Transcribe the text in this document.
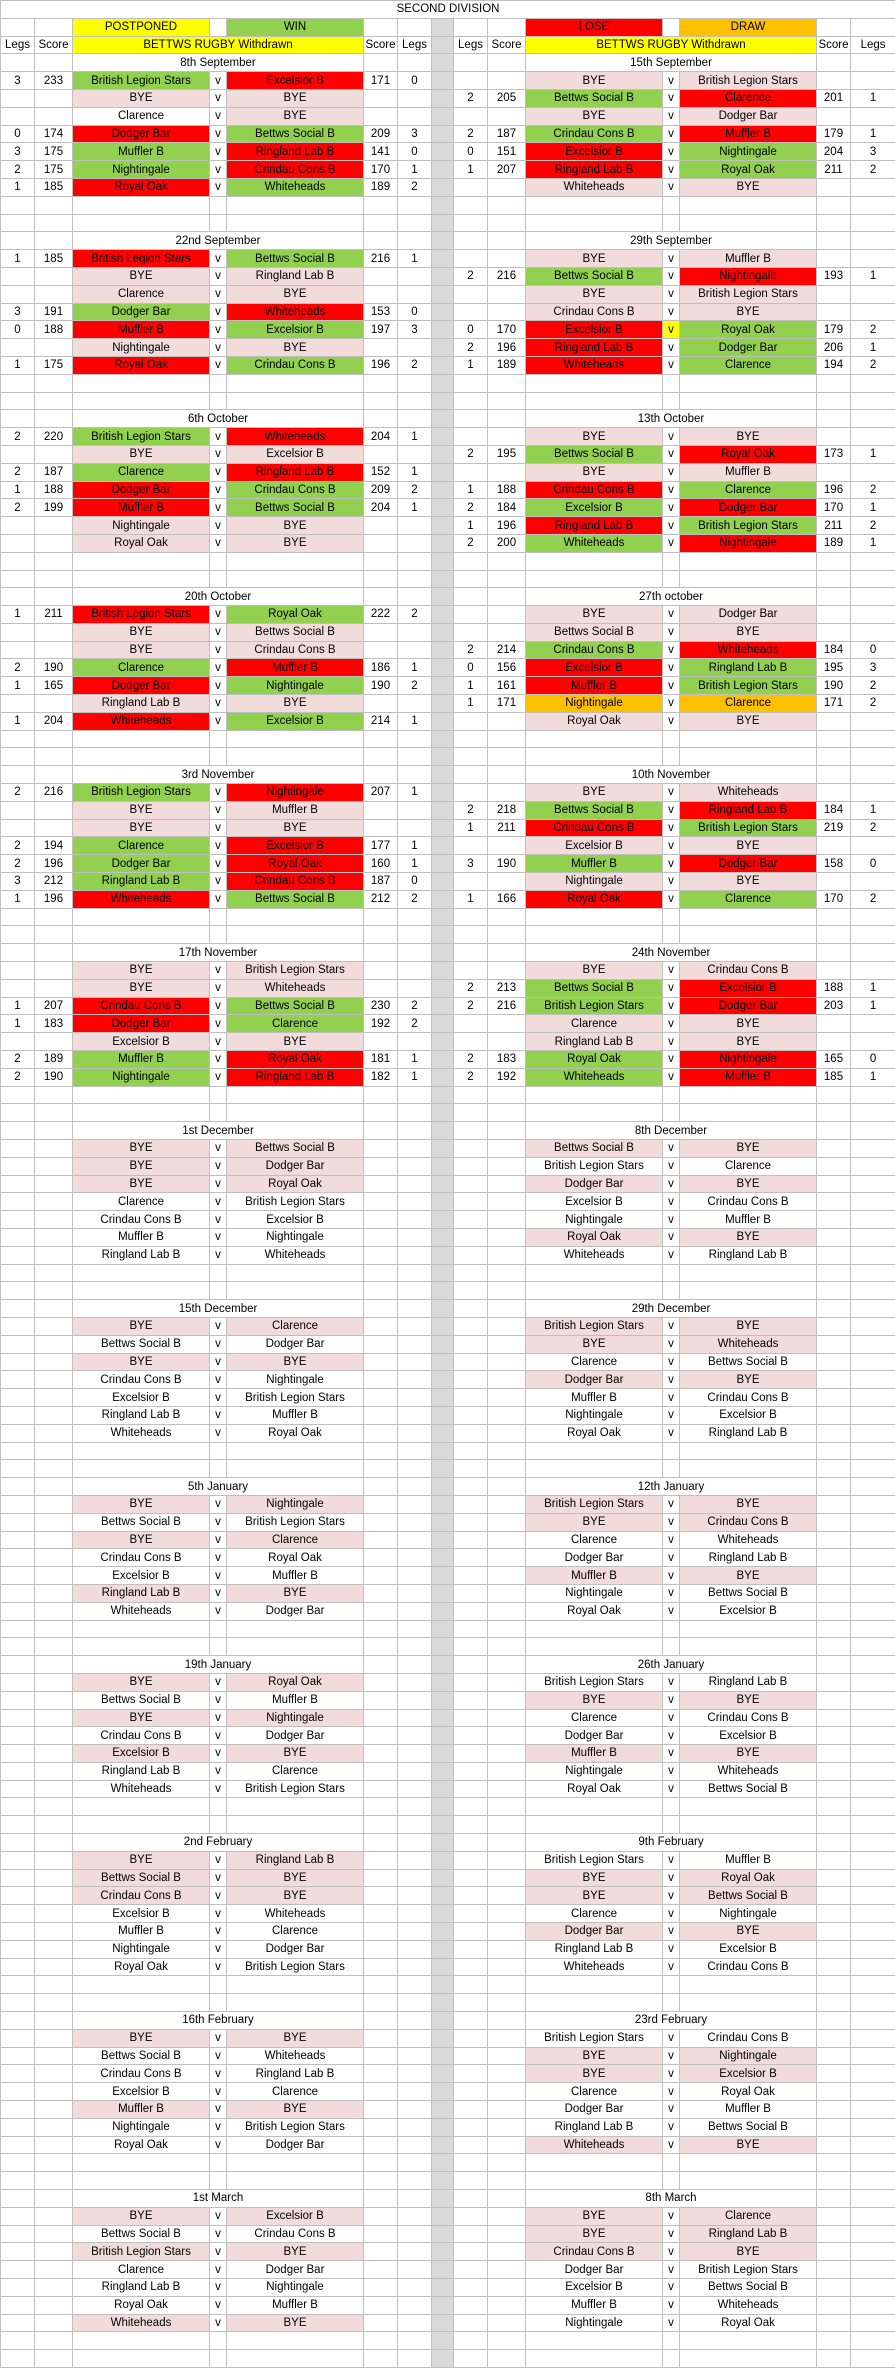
SECOND DIVISION														
		POSTPONED		WIN						LOSE		DRAW		
Legs	Score	BETTWS RUGBY Withdrawn			Score	Legs		Legs	Score	BETTWS RUGBY Withdrawn			Score	Legs
		8th September								15th September				
3	233	British Legion Stars	v	Excelsior B	171	0				BYE	v	British Legion Stars		
		BYE	v	BYE				2	205	Bettws Social B	v	Clarence	201	1
		Clarence	v	BYE						BYE	v	Dodger Bar		
0	174	Dodger Bar	v	Bettws Social B	209	3		2	187	Crindau Cons B	v	Muffler B	179	1
3	175	Muffler B	v	Ringland Lab B	141	0		0	151	Excelsior B	v	Nightingale	204	3
2	175	Nightingale	v	Crindau Cons B	170	1		1	207	Ringland Lab B	v	Royal Oak	211	2
1	185	Royal Oak	v	Whiteheads	189	2				Whiteheads	v	BYE		

		22nd September								29th September				
1	185	British Legion Stars	v	Bettws Social B	216	1				BYE	v	Muffler B		
		BYE	v	Ringland Lab B				2	216	Bettws Social B	v	Nightingale	193	1
		Clarence	v	BYE						BYE	v	British Legion Stars		
3	191	Dodger Bar	v	Whiteheads	153	0				Crindau Cons B	v	BYE		
0	188	Muffler B	v	Excelsior B	197	3		0	170	Excelsior B	v	Royal Oak	179	2
		Nightingale	v	BYE				2	196	Ringland Lab B	v	Dodger Bar	206	1
1	175	Royal Oak	v	Crindau Cons B	196	2		1	189	Whiteheads	v	Clarence	194	2

		6th October								13th October				
2	220	British Legion Stars	v	Whiteheads	204	1				BYE	v	BYE		
		BYE	v	Excelsior B				2	195	Bettws Social B	v	Royal Oak	173	1
2	187	Clarence	v	Ringland Lab B	152	1				BYE	v	Muffler B		
1	188	Dodger Bar	v	Crindau Cons B	209	2		1	188	Crindau Cons B	v	Clarence	196	2
2	199	Muffler B	v	Bettws Social B	204	1		2	184	Excelsior B	v	Dodger Bar	170	1
		Nightingale	v	BYE				1	196	Ringland Lab B	v	British Legion Stars	211	2
		Royal Oak	v	BYE				2	200	Whiteheads	v	Nightingale	189	1

		20th October								27th october				
1	211	British Legion Stars	v	Royal Oak	222	2				BYE	v	Dodger Bar		
		BYE	v	Bettws Social B						Bettws Social B	v	BYE		
		BYE	v	Crindau Cons B				2	214	Crindau Cons B	v	Whiteheads	184	0
2	190	Clarence	v	Muffler B	186	1		0	156	Excelsior B	v	Ringland Lab B	195	3
1	165	Dodger Bar	v	Nightingale	190	2		1	161	Muffler B	v	British Legion Stars	190	2
		Ringland Lab B	v	BYE				1	171	Nightingale	v	Clarence	171	2
1	204	Whiteheads	v	Excelsior B	214	1				Royal Oak	v	BYE		

		3rd November								10th November				
2	216	British Legion Stars	v	Nightingale	207	1				BYE	v	Whiteheads		
		BYE	v	Muffler B				2	218	Bettws Social B	v	Ringland Lab B	184	1
		BYE	v	BYE				1	211	Crindau Cons B	v	British Legion Stars	219	2
2	194	Clarence	v	Excelsior B	177	1				Excelsior B	v	BYE		
2	196	Dodger Bar	v	Royal Oak	160	1		3	190	Muffler B	v	Dodger Bar	158	0
3	212	Ringland Lab B	v	Crindau Cons B	187	0				Nightingale	v	BYE		
1	196	Whiteheads	v	Bettws Social B	212	2		1	166	Royal Oak	v	Clarence	170	2

		17th November								24th November				
		BYE	v	British Legion Stars						BYE	v	Crindau Cons B		
		BYE	v	Whiteheads				2	213	Bettws Social B	v	Excelsior B	188	1
1	207	Crindau Cons B	v	Bettws Social B	230	2		2	216	British Legion Stars	v	Dodger Bar	203	1
1	183	Dodger Bar	v	Clarence	192	2				Clarence	v	BYE		
		Excelsior B	v	BYE						Ringland Lab B	v	BYE		
2	189	Muffler B	v	Royal Oak	181	1		2	183	Royal Oak	v	Nightingale	165	0
2	190	Nightingale	v	Ringland Lab B	182	1		2	192	Whiteheads	v	Muffler B	185	1

		1st December								8th December				
		BYE	v	Bettws Social B						Bettws Social B	v	BYE		
		BYE	v	Dodger Bar						British Legion Stars	v	Clarence		
		BYE	v	Royal Oak						Dodger Bar	v	BYE		
		Clarence	v	British Legion Stars						Excelsior B	v	Crindau Cons B		
		Crindau Cons B	v	Excelsior B						Nightingale	v	Muffler B		
		Muffler B	v	Nightingale						Royal Oak	v	BYE		
		Ringland Lab B	v	Whiteheads						Whiteheads	v	Ringland Lab B		

		15th December								29th December				
		BYE	v	Clarence						British Legion Stars	v	BYE		
		Bettws Social B	v	Dodger Bar						BYE	v	Whiteheads		
		BYE	v	BYE						Clarence	v	Bettws Social B		
		Crindau Cons B	v	Nightingale						Dodger Bar	v	BYE		
		Excelsior B	v	British Legion Stars						Muffler B	v	Crindau Cons B		
		Ringland Lab B	v	Muffler B						Nightingale	v	Excelsior B		
		Whiteheads	v	Royal Oak						Royal Oak	v	Ringland Lab B		

		5th January								12th January				
		BYE	v	Nightingale						British Legion Stars	v	BYE		
		Bettws Social B	v	British Legion Stars						BYE	v	Crindau Cons B		
		BYE	v	Clarence						Clarence	v	Whiteheads		
		Crindau Cons B	v	Royal Oak						Dodger Bar	v	Ringland Lab B		
		Excelsior B	v	Muffler B						Muffler B	v	BYE		
		Ringland Lab B	v	BYE						Nightingale	v	Bettws Social B		
		Whiteheads	v	Dodger Bar						Royal Oak	v	Excelsior B		

		19th January								26th January				
		BYE	v	Royal Oak						British Legion Stars	v	Ringland Lab B		
		Bettws Social B	v	Muffler B						BYE	v	BYE		
		BYE	v	Nightingale						Clarence	v	Crindau Cons B		
		Crindau Cons B	v	Dodger Bar						Dodger Bar	v	Excelsior B		
		Excelsior B	v	BYE						Muffler B	v	BYE		
		Ringland Lab B	v	Clarence						Nightingale	v	Whiteheads		
		Whiteheads	v	British Legion Stars						Royal Oak	v	Bettws Social B		

		2nd February								9th February				
		BYE	v	Ringland Lab B						British Legion Stars	v	Muffler B		
		Bettws Social B	v	BYE						BYE	v	Royal Oak		
		Crindau Cons B	v	BYE						BYE	v	Bettws Social B		
		Excelsior B	v	Whiteheads						Clarence	v	Nightingale		
		Muffler B	v	Clarence						Dodger Bar	v	BYE		
		Nightingale	v	Dodger Bar						Ringland Lab B	v	Excelsior B		
		Royal Oak	v	British Legion Stars						Whiteheads	v	Crindau Cons B		

		16th February								23rd February				
		BYE	v	BYE						British Legion Stars	v	Crindau Cons B		
		Bettws Social B	v	Whiteheads						BYE	v	Nightingale		
		Crindau Cons B	v	Ringland Lab B						BYE	v	Excelsior B		
		Excelsior B	v	Clarence						Clarence	v	Royal Oak		
		Muffler B	v	BYE						Dodger Bar	v	Muffler B		
		Nightingale	v	British Legion Stars						Ringland Lab B	v	Bettws Social B		
		Royal Oak	v	Dodger Bar						Whiteheads	v	BYE		

		1st March								8th March				
		BYE	v	Excelsior B						BYE	v	Clarence		
		Bettws Social B	v	Crindau Cons B						BYE	v	Ringland Lab B		
		British Legion Stars	v	BYE						Crindau Cons B	v	BYE		
		Clarence	v	Dodger Bar						Dodger Bar	v	British Legion Stars		
		Ringland Lab B	v	Nightingale						Excelsior B	v	Bettws Social B		
		Royal Oak	v	Muffler B						Muffler B	v	Whiteheads		
		Whiteheads	v	BYE						Nightingale	v	Royal Oak		
